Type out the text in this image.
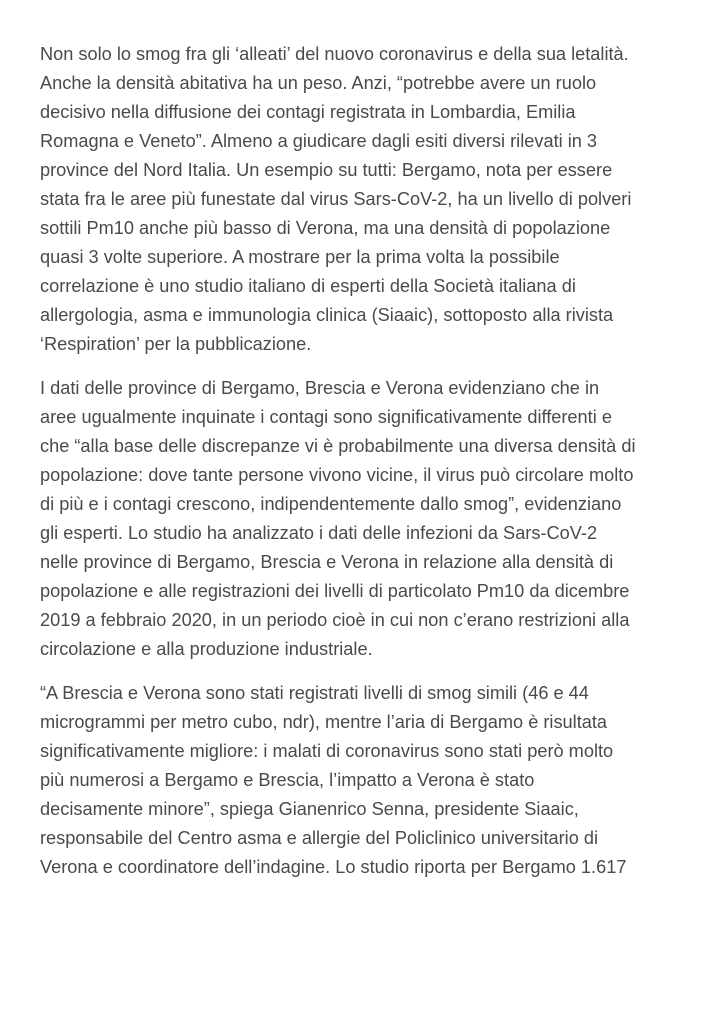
Non solo lo smog fra gli ‘alleati’ del nuovo coronavirus e della sua letalità.
Anche la densità abitativa ha un peso. Anzi, “potrebbe avere un ruolo
decisivo nella diffusione dei contagi registrata in Lombardia, Emilia
Romagna e Veneto”. Almeno a giudicare dagli esiti diversi rilevati in 3
province del Nord Italia. Un esempio su tutti: Bergamo, nota per essere
stata fra le aree più funestate dal virus Sars-CoV-2, ha un livello di polveri
sottili Pm10 anche più basso di Verona, ma una densità di popolazione
quasi 3 volte superiore. A mostrare per la prima volta la possibile
correlazione è uno studio italiano di esperti della Società italiana di
allergologia, asma e immunologia clinica (Siaaic), sottoposto alla rivista
‘Respiration’ per la pubblicazione.

I dati delle province di Bergamo, Brescia e Verona evidenziano che in
aree ugualmente inquinate i contagi sono significativamente differenti e
che “alla base delle discrepanze vi è probabilmente una diversa densità di
popolazione: dove tante persone vivono vicine, il virus può circolare molto
di più e i contagi crescono, indipendentemente dallo smog”, evidenziano
gli esperti. Lo studio ha analizzato i dati delle infezioni da Sars-CoV-2
nelle province di Bergamo, Brescia e Verona in relazione alla densità di
popolazione e alle registrazioni dei livelli di particolato Pm10 da dicembre
2019 a febbraio 2020, in un periodo cioè in cui non c’erano restrizioni alla
circolazione e alla produzione industriale.

“A Brescia e Verona sono stati registrati livelli di smog simili (46 e 44
microgrammi per metro cubo, ndr), mentre l’aria di Bergamo è risultata
significativamente migliore: i malati di coronavirus sono stati però molto
più numerosi a Bergamo e Brescia, l’impatto a Verona è stato
decisamente minore”, spiega Gianenrico Senna, presidente Siaaic,
responsabile del Centro asma e allergie del Policlinico universitario di
Verona e coordinatore dell’indagine. Lo studio riporta per Bergamo 1.617
